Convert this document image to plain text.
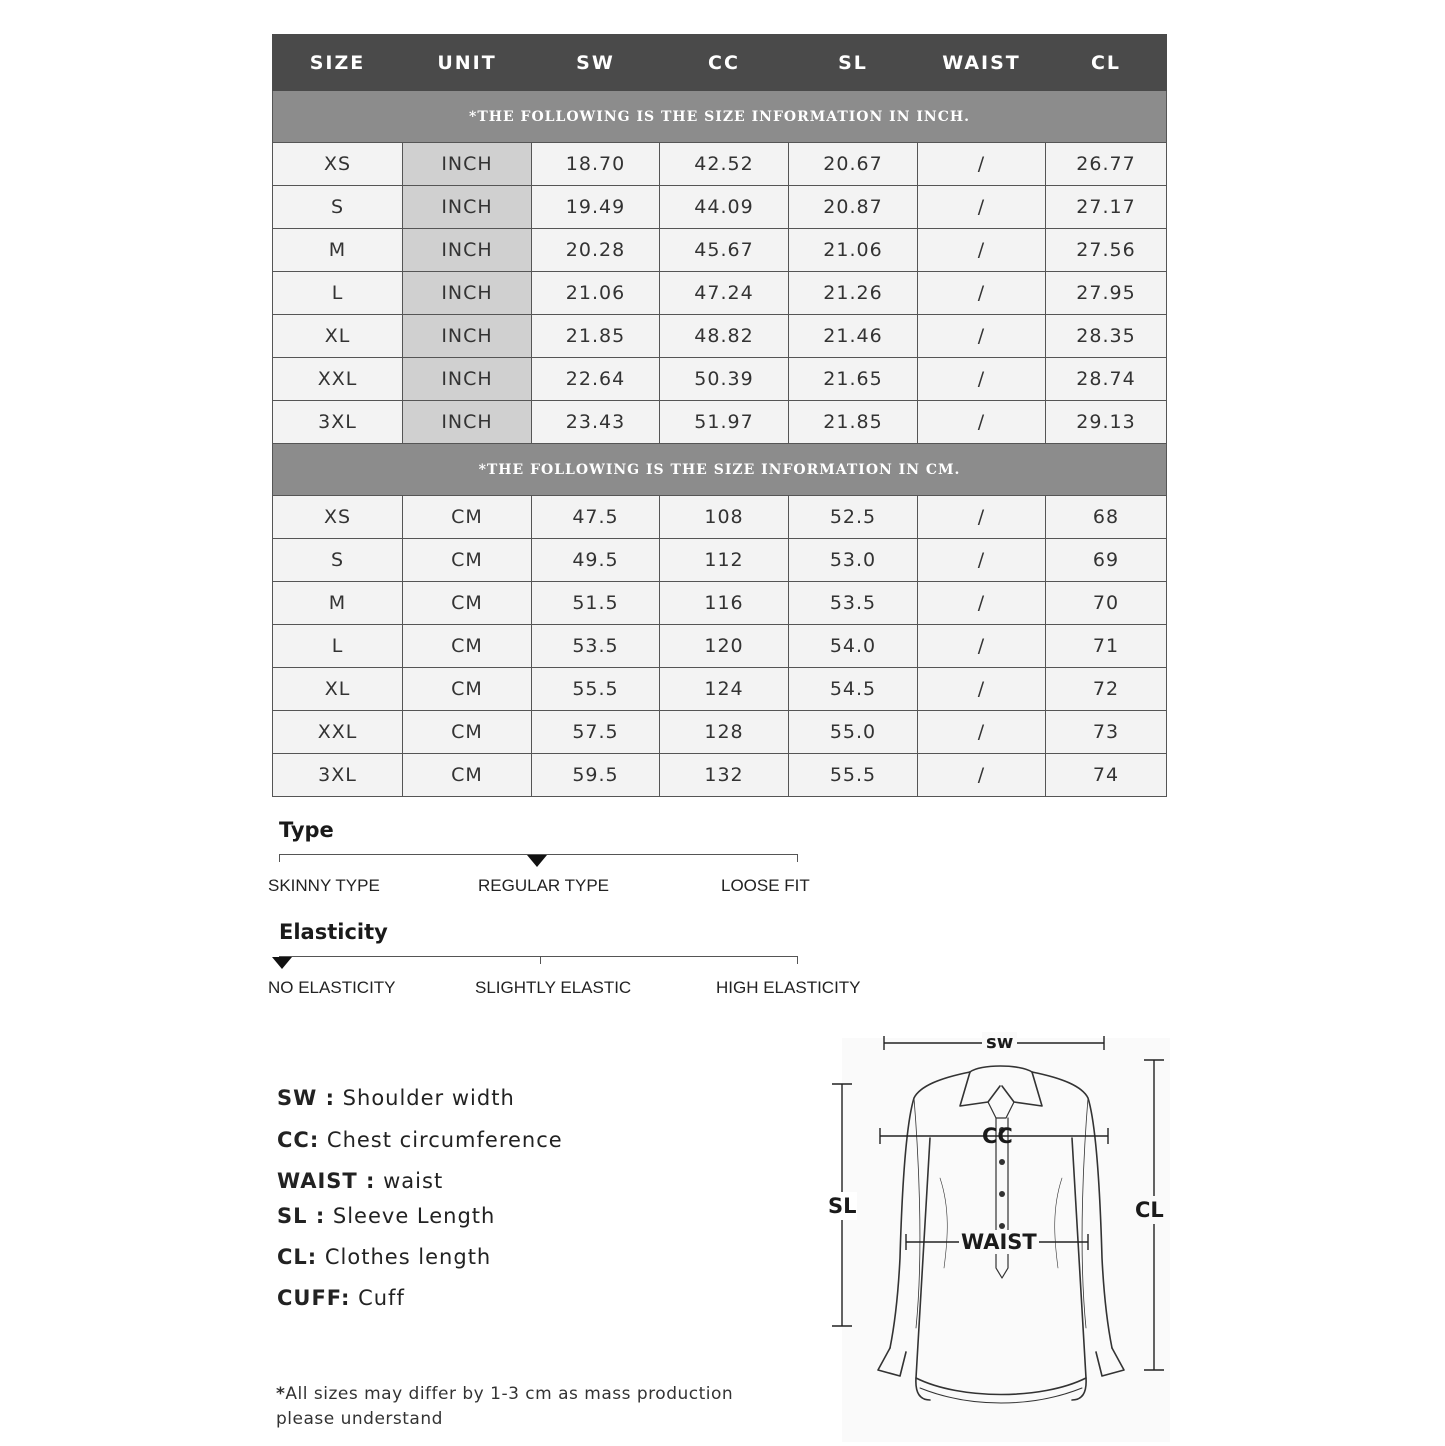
SIZE	UNIT	SW	CC	SL	WAIST	CL
*THE FOLLOWING IS THE SIZE INFORMATION IN INCH.						
XS	INCH	18.70	42.52	20.67	/	26.77
S	INCH	19.49	44.09	20.87	/	27.17
M	INCH	20.28	45.67	21.06	/	27.56
L	INCH	21.06	47.24	21.26	/	27.95
XL	INCH	21.85	48.82	21.46	/	28.35
XXL	INCH	22.64	50.39	21.65	/	28.74
3XL	INCH	23.43	51.97	21.85	/	29.13
*THE FOLLOWING IS THE SIZE INFORMATION IN CM.						
XS	CM	47.5	108	52.5	/	68
S	CM	49.5	112	53.0	/	69
M	CM	51.5	116	53.5	/	70
L	CM	53.5	120	54.0	/	71
XL	CM	55.5	124	54.5	/	72
XXL	CM	57.5	128	55.0	/	73
3XL	CM	59.5	132	55.5	/	74
Type
SKINNY TYPE	REGULAR TYPE	LOOSE FIT
Elasticity
NO ELASTICITY	SLIGHTLY ELASTIC	HIGH ELASTICITY
SW : Shoulder width
CC: Chest circumference
WAIST : waist
SL : Sleeve Length
CL: Clothes length
CUFF: Cuff
*All sizes may differ by 1-3 cm as mass production
please understand
sw
CC
SL
WAIST
CL
